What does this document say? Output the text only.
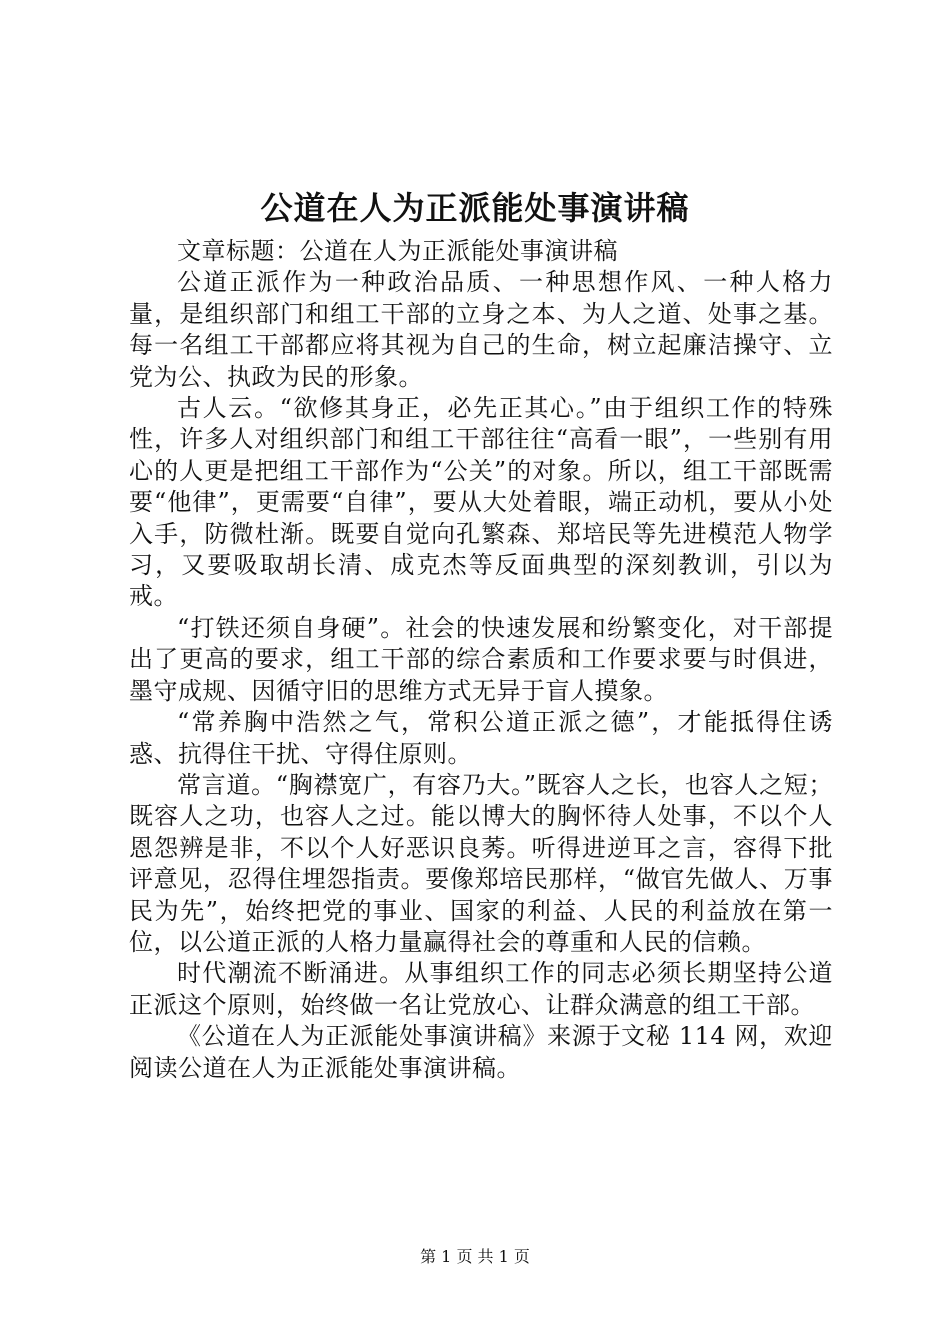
公道在人为正派能处事演讲稿

文章标题：公道在人为正派能处事演讲稿

公道正派作为一种政治品质、一种思想作风、一种人格力量，是组织部门和组工干部的立身之本、为人之道、处事之基。每一名组工干部都应将其视为自己的生命，树立起廉洁操守、立党为公、执政为民的形象。

古人云。“欲修其身正，必先正其心。”由于组织工作的特殊性，许多人对组织部门和组工干部往往“高看一眼”，一些别有用心的人更是把组工干部作为“公关”的对象。所以，组工干部既需要“他律”，更需要“自律”，要从大处着眼，端正动机，要从小处入手，防微杜渐。既要自觉向孔繁森、郑培民等先进模范人物学习，又要吸取胡长清、成克杰等反面典型的深刻教训，引以为戒。

“打铁还须自身硬”。社会的快速发展和纷繁变化，对干部提出了更高的要求，组工干部的综合素质和工作要求要与时俱进，墨守成规、因循守旧的思维方式无异于盲人摸象。

“常养胸中浩然之气，常积公道正派之德”，才能抵得住诱惑、抗得住干扰、守得住原则。

常言道。“胸襟宽广，有容乃大。”既容人之长，也容人之短；既容人之功，也容人之过。能以博大的胸怀待人处事，不以个人恩怨辨是非，不以个人好恶识良莠。听得进逆耳之言，容得下批评意见，忍得住埋怨指责。要像郑培民那样，“做官先做人、万事民为先”，始终把党的事业、国家的利益、人民的利益放在第一位，以公道正派的人格力量赢得社会的尊重和人民的信赖。

时代潮流不断涌进。从事组织工作的同志必须长期坚持公道正派这个原则，始终做一名让党放心、让群众满意的组工干部。

《公道在人为正派能处事演讲稿》来源于文秘 114 网，欢迎阅读公道在人为正派能处事演讲稿。

第 1 页 共 1 页
